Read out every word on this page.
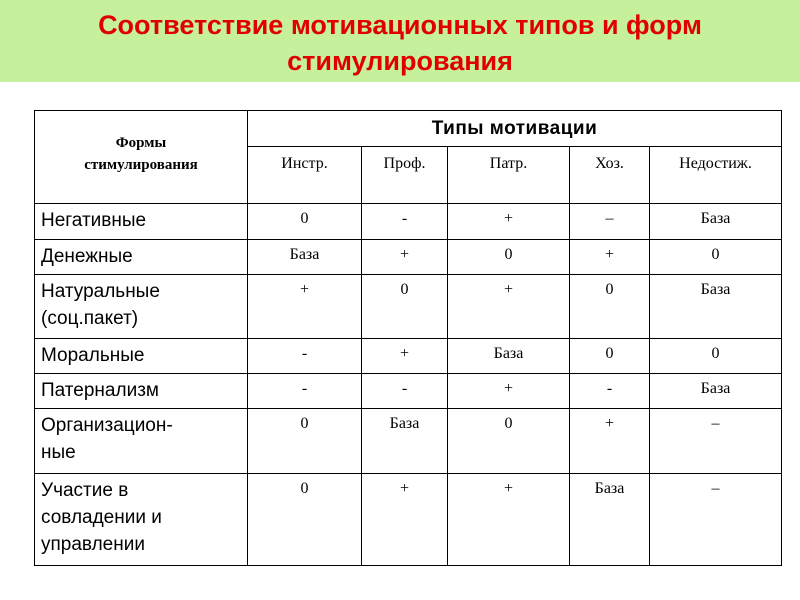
Соответствие мотивационных типов и форм
стимулирования
Формы
стимулирования	Типы мотивации				
	Инстр.	Проф.	Патр.	Хоз.	Недостиж.

Негативные	0	-	+	–	База

Денежные	База	+	0	+	0

Натуральные
(соц.пакет)	+	0	+	0	База

Моральные	-	+	База	0	0

Патернализм	-	-	+	-	База

Организацион-
ные	0	База	0	+	–

Участие в
совладении и
управлении	0	+	+	База	–
